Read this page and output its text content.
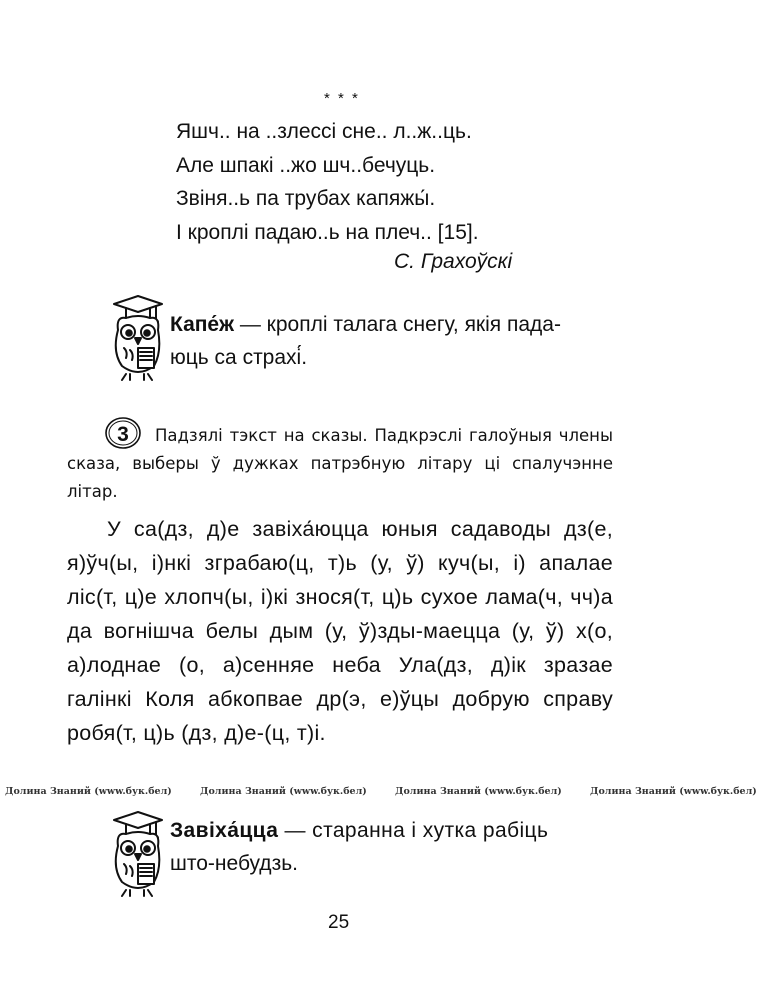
* * *
Яшч.. на ..злессі сне.. л..ж..ць.
Але шпакі ..жо шч..бечуць.
Звіня..ь па трубах капяжы́.
І кроплі падаю..ь на плеч.. [15].
С. Грахоўскі
Капе́ж — кроплі талага снегу, якія пада-
юць са страхі́.
3	Падзялі тэкст на сказы. Падкрэслі галоўныя члены сказа, выберы ў дужках патрэбную літару ці спалучэнне літар.

У са(дз, д)е завіха́юцца юныя садаводы дз(е, я)ўч(ы, і)нкі зграбаю(ц, т)ь (у, ў) куч(ы, і) апалае ліс(т, ц)е хлопч(ы, і)кі знося(т, ц)ь сухое лама(ч, чч)а да вогнішча белы дым (у, ў)зды-маецца (у, ў) х(о, а)лоднае (о, а)сенняе неба Ула(дз, д)ік зразае галінкі Коля абкопвае др(э, е)ўцы добрую справу робя(т, ц)ь (дз, д)е-(ц, т)і.

Долина Знаний (www.бук.бел)	Долина Знаний (www.бук.бел)	Долина Знаний (www.бук.бел)	Долина Знаний (www.бук.бел)
Завіха́цца — старанна і хутка рабіць
што-небудзь.
25
